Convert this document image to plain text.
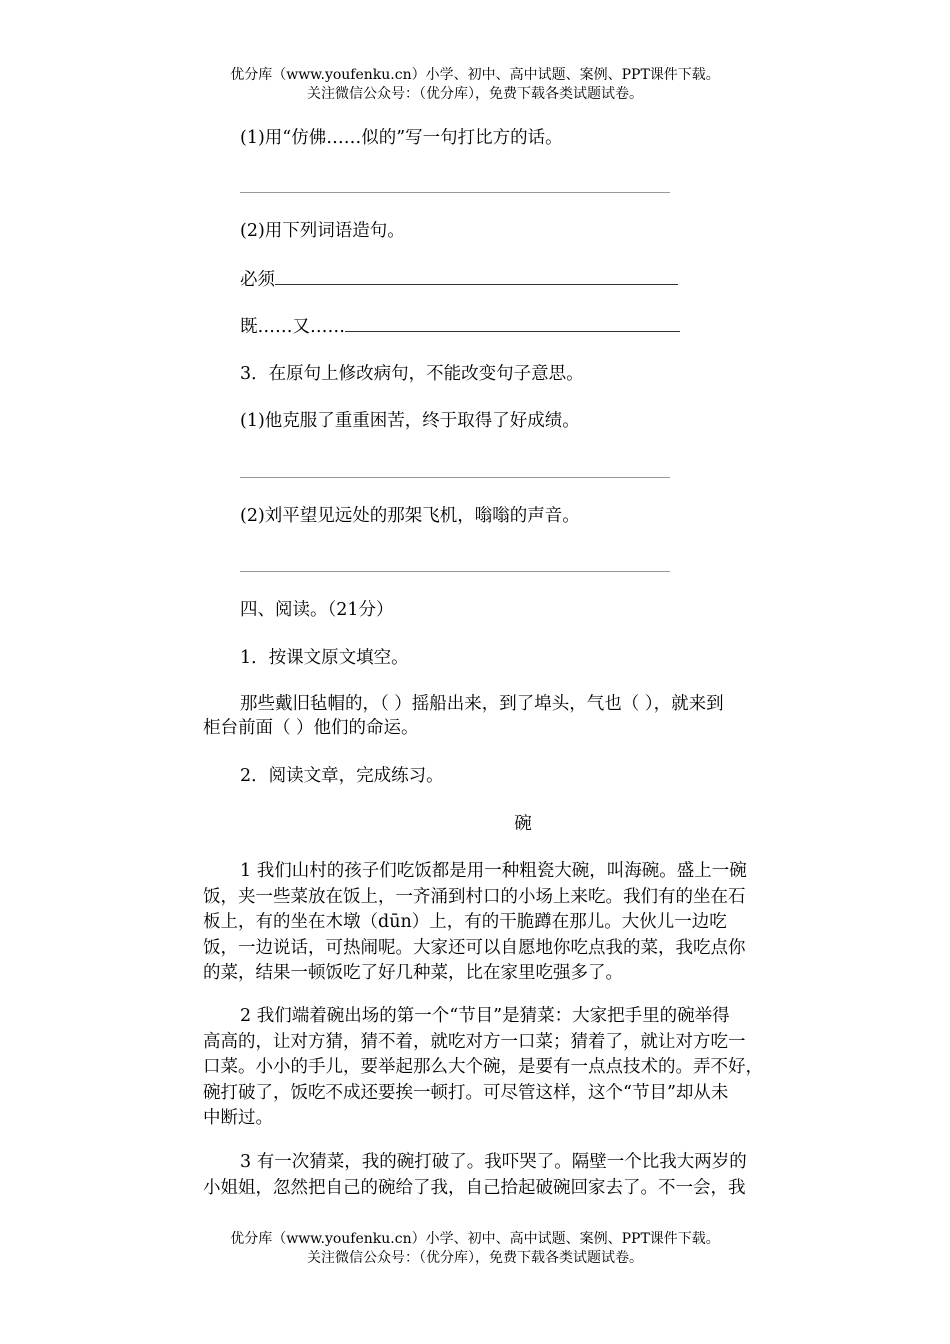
优分库（www.youfenku.cn）小学、初中、高中试题、案例、PPT课件下载。
关注微信公众号：（优分库），免费下载各类试题试卷。
(1)用“仿佛……似的”写一句打比方的话。
(2)用下列词语造句。
必须
既……又……
3．在原句上修改病句，不能改变句子意思。
(1)他克服了重重困苦，终于取得了好成绩。
(2)刘平望见远处的那架飞机，嗡嗡的声音。
四、阅读。（21分）
1．按课文原文填空。
那些戴旧毡帽的，（ ）摇船出来，到了埠头，气也（ ），就来到
柜台前面（ ）他们的命运。
2．阅读文章，完成练习。
碗
1 我们山村的孩子们吃饭都是用一种粗瓷大碗，叫海碗。盛上一碗
饭，夹一些菜放在饭上，一齐涌到村口的小场上来吃。我们有的坐在石
板上，有的坐在木墩（dūn）上，有的干脆蹲在那儿。大伙儿一边吃
饭，一边说话，可热闹呢。大家还可以自愿地你吃点我的菜，我吃点你
的菜，结果一顿饭吃了好几种菜，比在家里吃强多了。
2 我们端着碗出场的第一个“节目”是猜菜：大家把手里的碗举得
高高的，让对方猜，猜不着，就吃对方一口菜；猜着了，就让对方吃一
口菜。小小的手儿，要举起那么大个碗，是要有一点点技术的。弄不好，
碗打破了，饭吃不成还要挨一顿打。可尽管这样，这个“节目”却从未
中断过。
3 有一次猜菜，我的碗打破了。我吓哭了。隔壁一个比我大两岁的
小姐姐，忽然把自己的碗给了我，自己拾起破碗回家去了。不一会，我
优分库（www.youfenku.cn）小学、初中、高中试题、案例、PPT课件下载。
关注微信公众号：（优分库），免费下载各类试题试卷。
